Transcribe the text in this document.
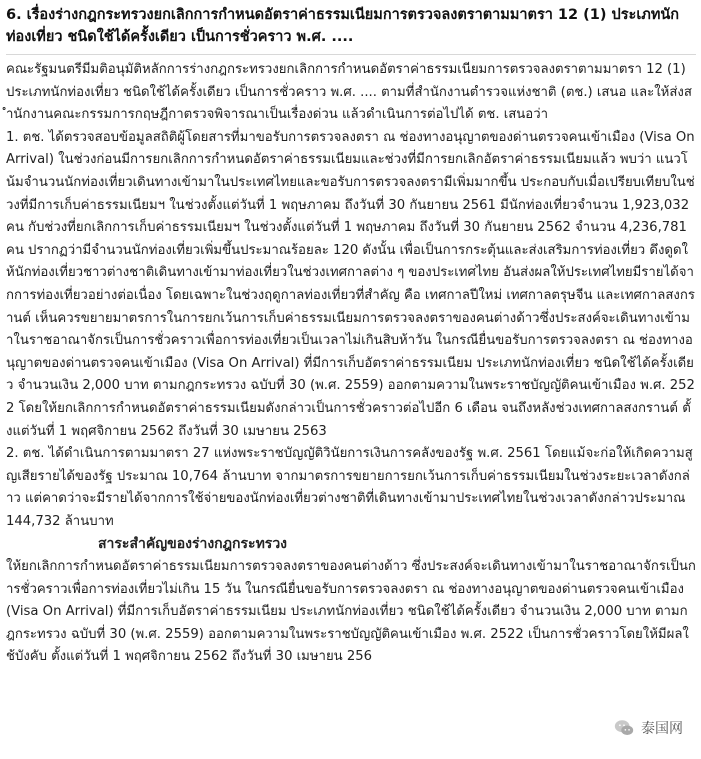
6. เรื่องร่างกฎกระทรวงยกเลิกการกำหนดอัตราค่าธรรมเนียมการตรวจลงตราตามมาตรา 12 (1) ประเภทนักท่องเที่ยว ชนิดใช้ได้ครั้งเดียว เป็นการชั่วคราว พ.ศ. ....

คณะรัฐมนตรีมีมติอนุมัติหลักการร่างกฎกระทรวงยกเลิกการกำหนดอัตราค่าธรรมเนียมการตรวจลงตราตามมาตรา 12 (1) ประเภทนักท่องเที่ยว ชนิดใช้ได้ครั้งเดียว เป็นการชั่วคราว พ.ศ. .... ตามที่สำนักงานตำรวจแห่งชาติ (ตช.) เสนอ และให้ส่งสำนักงานคณะกรรมการกฤษฎีกาตรวจพิจารณาเป็นเรื่องด่วน แล้วดำเนินการต่อไปได้ ตช. เสนอว่า

1. ตช. ได้ตรวจสอบข้อมูลสถิติผู้โดยสารที่มาขอรับการตรวจลงตรา ณ ช่องทางอนุญาตของด่านตรวจคนเข้าเมือง (Visa On Arrival) ในช่วงก่อนมีการยกเลิกการกำหนดอัตราค่าธรรมเนียมและช่วงที่มีการยกเลิกอัตราค่าธรรมเนียมแล้ว พบว่า แนวโน้มจำนวนนักท่องเที่ยวเดินทางเข้ามาในประเทศไทยและขอรับการตรวจลงตรามีเพิ่มมากขึ้น ประกอบกับเมื่อเปรียบเทียบในช่วงที่มีการเก็บค่าธรรมเนียมฯ ในช่วงตั้งแต่วันที่ 1 พฤษภาคม ถึงวันที่ 30 กันยายน 2561 มีนักท่องเที่ยวจำนวน 1,923,032 คน กับช่วงที่ยกเลิกการเก็บค่าธรรมเนียมฯ ในช่วงตั้งแต่วันที่ 1 พฤษภาคม ถึงวันที่ 30 กันยายน 2562 จำนวน 4,236,781 คน ปรากฏว่ามีจำนวนนักท่องเที่ยวเพิ่มขึ้นประมาณร้อยละ 120 ดังนั้น เพื่อเป็นการกระตุ้นและส่งเสริมการท่องเที่ยว ดึงดูดให้นักท่องเที่ยวชาวต่างชาติเดินทางเข้ามาท่องเที่ยวในช่วงเทศกาลต่าง ๆ ของประเทศไทย อันส่งผลให้ประเทศไทยมีรายได้จากการท่องเที่ยวอย่างต่อเนื่อง โดยเฉพาะในช่วงฤดูกาลท่องเที่ยวที่สำคัญ คือ เทศกาลปีใหม่ เทศกาลตรุษจีน และเทศกาลสงกรานต์ เห็นควรขยายมาตรการในการยกเว้นการเก็บค่าธรรมเนียมการตรวจลงตราของคนต่างด้าวซึ่งประสงค์จะเดินทางเข้ามาในราชอาณาจักรเป็นการชั่วคราวเพื่อการท่องเที่ยวเป็นเวลาไม่เกินสิบห้าวัน ในกรณียื่นขอรับการตรวจลงตรา ณ ช่องทางอนุญาตของด่านตรวจคนเข้าเมือง (Visa On Arrival) ที่มีการเก็บอัตราค่าธรรมเนียม ประเภทนักท่องเที่ยว ชนิดใช้ได้ครั้งเดียว จำนวนเงิน 2,000 บาท ตามกฎกระทรวง ฉบับที่ 30 (พ.ศ. 2559) ออกตามความในพระราชบัญญัติคนเข้าเมือง พ.ศ. 2522 โดยให้ยกเลิกการกำหนดอัตราค่าธรรมเนียมดังกล่าวเป็นการชั่วคราวต่อไปอีก 6 เดือน จนถึงหลังช่วงเทศกาลสงกรานต์ ตั้งแต่วันที่ 1 พฤศจิกายน 2562 ถึงวันที่ 30 เมษายน 2563

2. ตช. ได้ดำเนินการตามมาตรา 27 แห่งพระราชบัญญัติวินัยการเงินการคลังของรัฐ พ.ศ. 2561 โดยแม้จะก่อให้เกิดความสูญเสียรายได้ของรัฐ ประมาณ 10,764 ล้านบาท จากมาตรการขยายการยกเว้นการเก็บค่าธรรมเนียมในช่วงระยะเวลาดังกล่าว แต่คาดว่าจะมีรายได้จากการใช้จ่ายของนักท่องเที่ยวต่างชาติที่เดินทางเข้ามาประเทศไทยในช่วงเวลาดังกล่าวประมาณ 144,732 ล้านบาท

สาระสำคัญของร่างกฎกระทรวง

ให้ยกเลิกการกำหนดอัตราค่าธรรมเนียมการตรวจลงตราของคนต่างด้าว ซึ่งประสงค์จะเดินทางเข้ามาในราชอาณาจักรเป็นการชั่วคราวเพื่อการท่องเที่ยวไม่เกิน 15 วัน ในกรณียื่นขอรับการตรวจลงตรา ณ ช่องทางอนุญาตของด่านตรวจคนเข้าเมือง (Visa On Arrival) ที่มีการเก็บอัตราค่าธรรมเนียม ประเภทนักท่องเที่ยว ชนิดใช้ได้ครั้งเดียว จำนวนเงิน 2,000 บาท ตามกฎกระทรวง ฉบับที่ 30 (พ.ศ. 2559) ออกตามความในพระราชบัญญัติคนเข้าเมือง พ.ศ. 2522 เป็นการชั่วคราวโดยให้มีผลใช้บังคับ ตั้งแต่วันที่ 1 พฤศจิกายน 2562 ถึงวันที่ 30 เมษายน 256

泰国网
